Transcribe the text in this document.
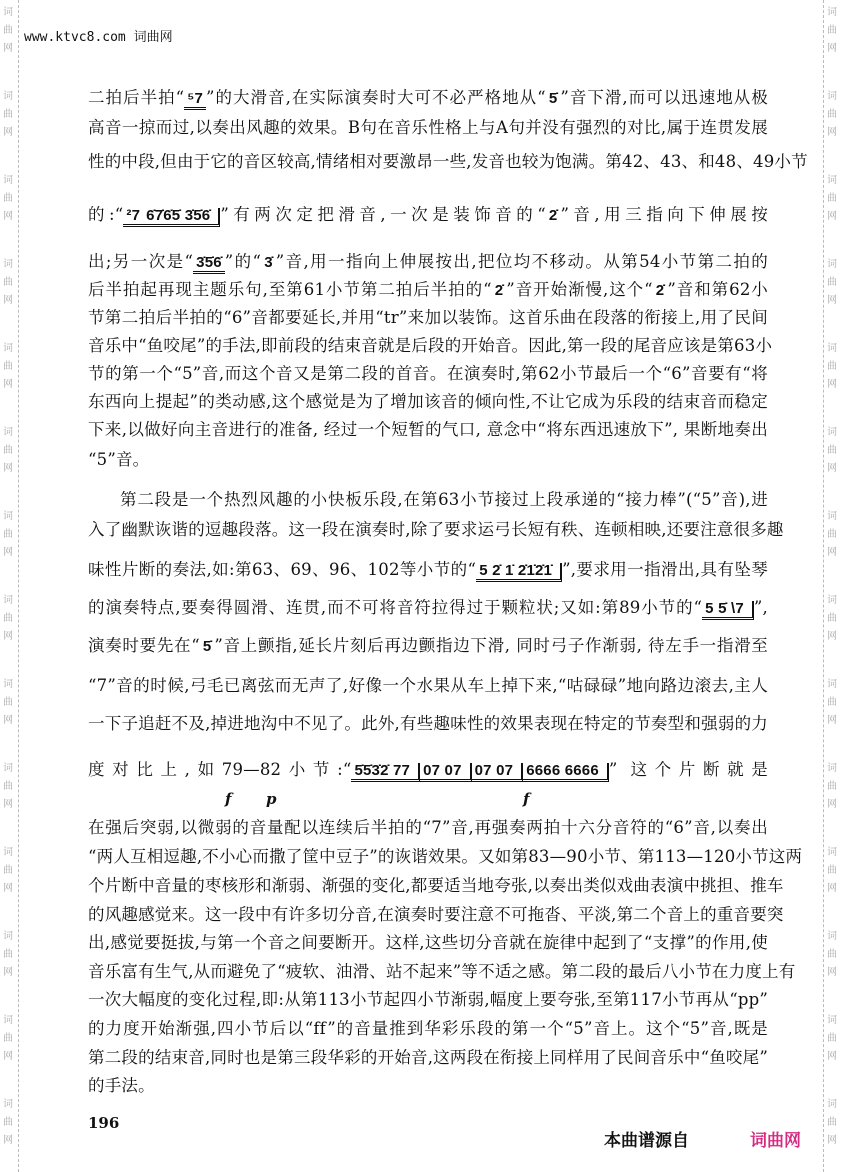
词曲网
词曲网
词曲网
词曲网
词曲网
词曲网
词曲网
词曲网
词曲网
词曲网
词曲网
词曲网
词曲网
词曲网
词曲网
词曲网
词曲网
词曲网
词曲网
词曲网
词曲网
词曲网
词曲网
词曲网
词曲网
词曲网
词曲网
词曲网
www.ktvc8.com 词曲网
二拍后半拍“ ⁵7 ”的大滑音,在实际演奏时大可不必严格地从“ 5̇ ”音下滑,而可以迅速地从极
高音一掠而过,以奏出风趣的效果。B句在音乐性格上与A句并没有强烈的对比,属于连贯发展
性的中段,但由于它的音区较高,情绪相对要激昂一些,发音也较为饱满。第42、43、和48、49小节
的:“ ²7 6̇7̇6̇5̇ 3̇5̇6̇ ”有两次定把滑音,一次是装饰音的“ 2̇ ”音,用三指向下伸展按
出;另一次是“ 3̇5̇6̇ ”的“ 3̇ ”音,用一指向上伸展按出,把位均不移动。从第54小节第二拍的
后半拍起再现主题乐句,至第61小节第二拍后半拍的“ 2̇ ”音开始渐慢,这个“ 2̇ ”音和第62小
节第二拍后半拍的“6”音都要延长,并用“tr”来加以装饰。这首乐曲在段落的衔接上,用了民间
音乐中“鱼咬尾”的手法,即前段的结束音就是后段的开始音。因此,第一段的尾音应该是第63小
节的第一个“5”音,而这个音又是第二段的首音。在演奏时,第62小节最后一个“6”音要有“将
东西向上提起”的类动感,这个感觉是为了增加该音的倾向性,不让它成为乐段的结束音而稳定
下来,以做好向主音进行的准备, 经过一个短暂的气口, 意念中“将东西迅速放下”, 果断地奏出
“5”音。
第二段是一个热烈风趣的小快板乐段,在第63小节接过上段承递的“接力棒”(“5”音),进
入了幽默诙谐的逗趣段落。这一段在演奏时,除了要求运弓长短有秩、连顿相映,还要注意很多趣
味性片断的奏法,如:第63、69、96、102等小节的“ 5 2̇ 1̇ 2̇1̇2̇1̇ ”,要求用一指滑出,具有坠琴
的演奏特点,要奏得圆滑、连贯,而不可将音符拉得过于颗粒状;又如:第89小节的“ 5 5̇ \7 ”,
演奏时要先在“ 5̇ ”音上颤指,延长片刻后再边颤指边下滑, 同时弓子作渐弱, 待左手一指滑至
“7”音的时候,弓毛已离弦而无声了,好像一个水果从车上掉下来,“咕碌碌”地向路边滚去,主人
一下子追赶不及,掉进地沟中不见了。此外,有些趣味性的效果表现在特定的节奏型和强弱的力
度对比上,如79—82小节:“ 5̇5̇3̇2̇ 77 07 07 07 07 6666 6666 ” 这个片断就是
在强后突弱,以微弱的音量配以连续后半拍的“7”音,再强奏两拍十六分音符的“6”音,以奏出
“两人互相逗趣,不小心而撒了筐中豆子”的诙谐效果。又如第83—90小节、第113—120小节这两
个片断中音量的枣核形和渐弱、渐强的变化,都要适当地夸张,以奏出类似戏曲表演中挑担、推车
的风趣感觉来。这一段中有许多切分音,在演奏时要注意不可拖沓、平淡,第二个音上的重音要突
出,感觉要挺拔,与第一个音之间要断开。这样,这些切分音就在旋律中起到了“支撑”的作用,使
音乐富有生气,从而避免了“疲软、油滑、站不起来”等不适之感。第二段的最后八小节在力度上有
一次大幅度的变化过程,即:从第113小节起四小节渐弱,幅度上要夸张,至第117小节再从“pp”
的力度开始渐强,四小节后以“ff”的音量推到华彩乐段的第一个“5̇”音上。这个“5̇”音,既是
第二段的结束音,同时也是第三段华彩的开始音,这两段在衔接上同样用了民间音乐中“鱼咬尾”
的手法。
f p	f
196
本曲谱源自	词曲网
